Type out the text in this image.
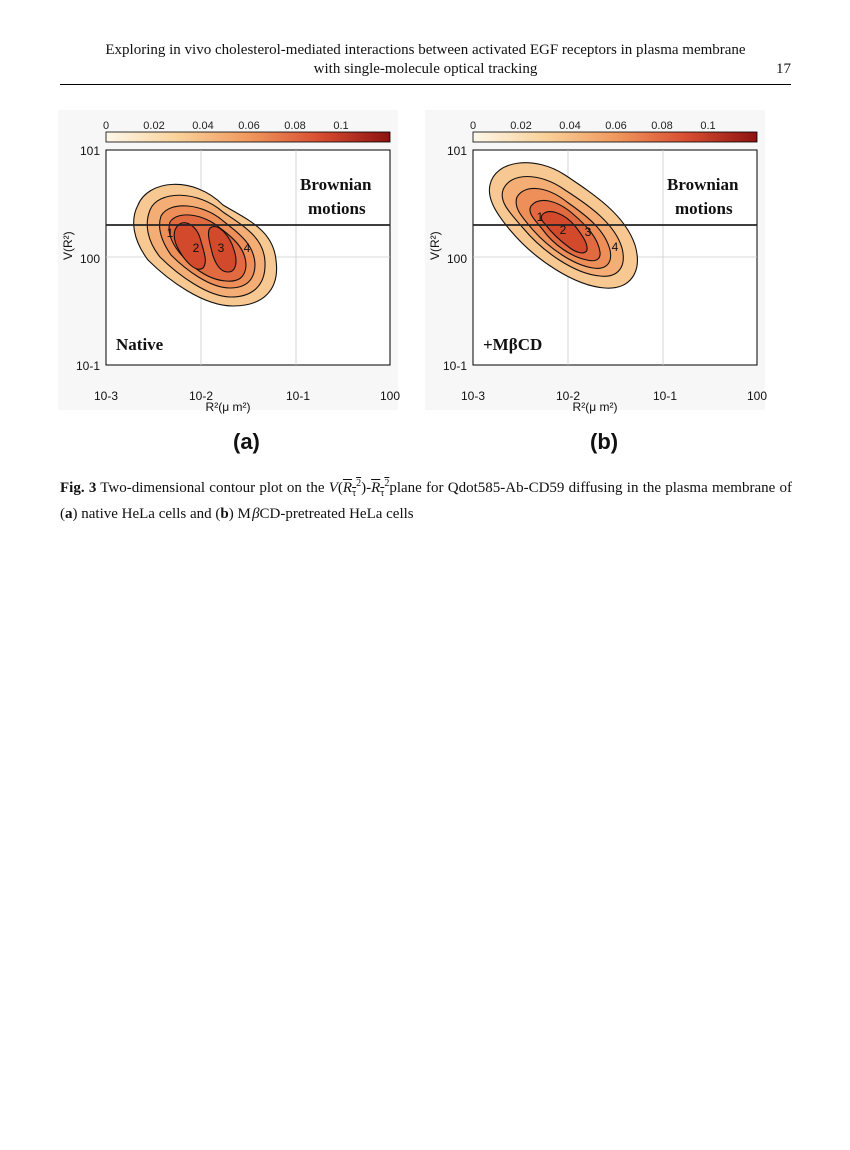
Exploring in vivo cholesterol-mediated interactions between activated EGF receptors in plasma membrane
with single-molecule optical tracking	17
0	0.02	0.04 0.06 0.08	0.1
1
2 3 4
Brownian
motions
Native
101
100
10-1
10-3	10-2	10-1	100
R²(μ m²)
V(R²)
0	0.02	0.04 0.06 0.08	0.1
1
2 3
4
Brownian
motions
+MβCD
101
100
10-1
10-3	10-2	10-1	100
R²(μ m²)
V(R²)
(a)	(b)
Fig. 3 Two-dimensional contour plot on the $V(R_\tau^2)-R_\tau^2plane$ for Qdot585-Ab-CD59 diffusing in the plasma membrane of (a) native HeLa cells and (b) M βCD-pretreated HeLa cells
